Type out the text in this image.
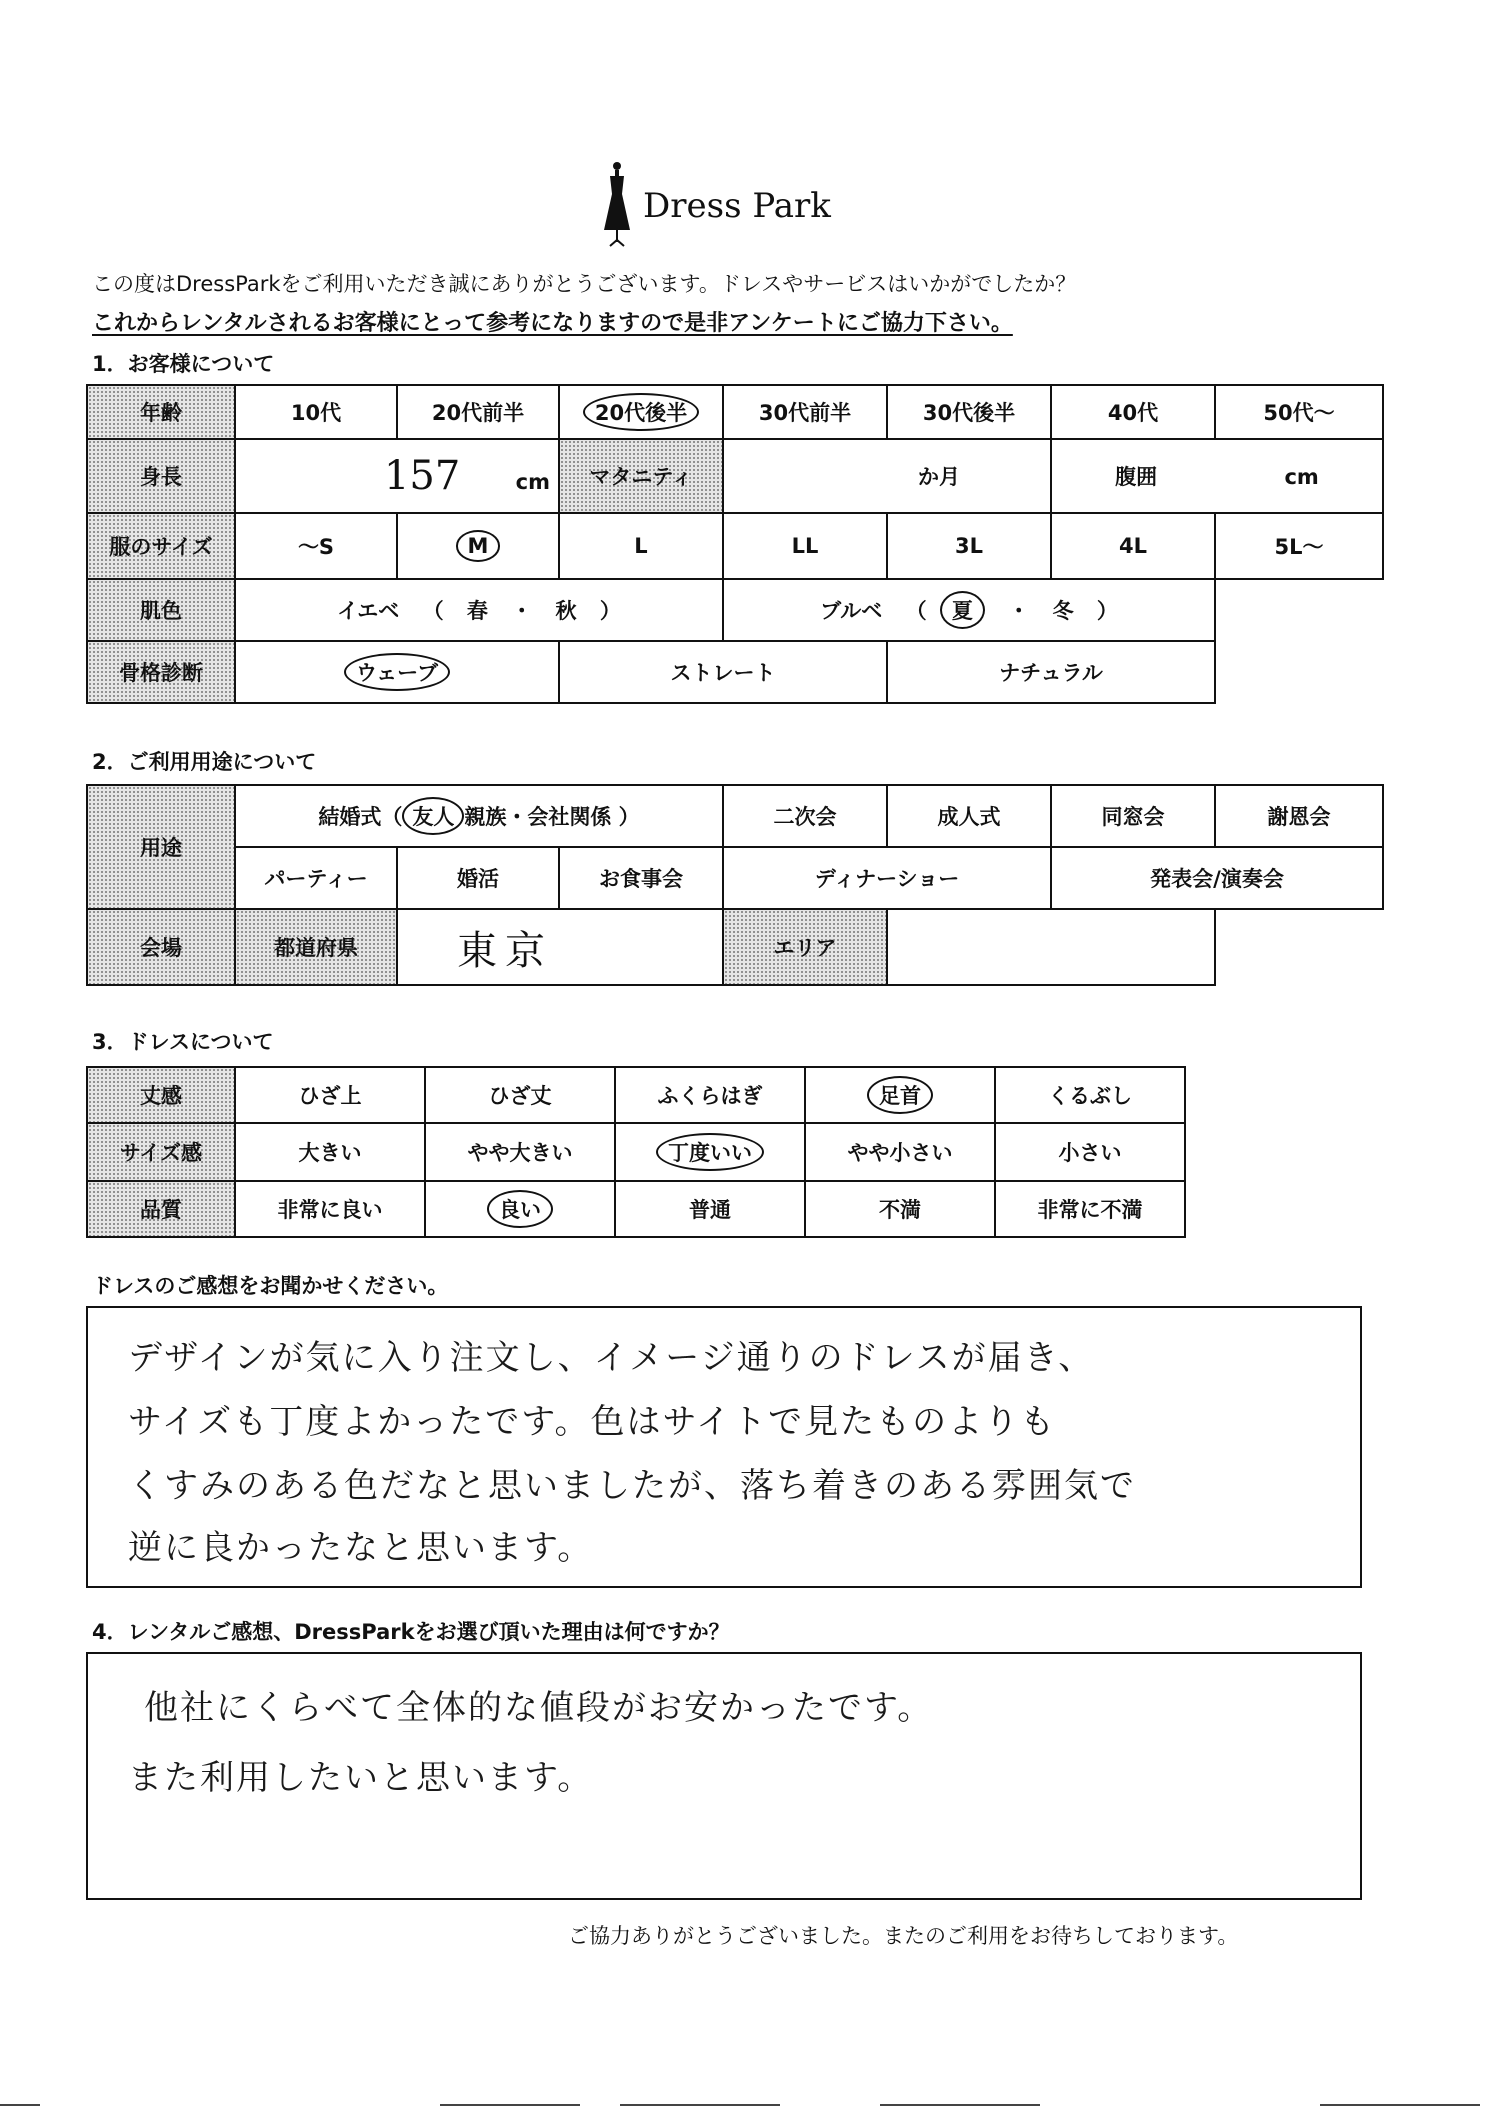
Dress Park
この度はDressParkをご利用いただき誠にありがとうございます。ドレスやサービスはいかがでしたか？
これからレンタルされるお客様にとって参考になりますので是非アンケートにご協力下さい。
1．お客様について
年齢	10代	20代前半	20代後半	30代前半	30代後半	40代	50代〜
身長	157 cm		マタニティ	か月		腹囲 cm	
服のサイズ	〜S	M	L	LL	3L	4L	5L〜
肌色	イエベ （ 春 ・ 秋 ）			ブルベ （ 夏 ・ 冬 ）			
骨格診断	ウェーブ		ストレート		ナチュラル		
2．ご利用用途について
用途	結婚式（ 友人 親族・会社関係 ）			二次会	成人式	同窓会	謝恩会
	パーティー	婚活	お食事会	ディナーショー		発表会/演奏会	
会場	都道府県	東京		エリア			
3．ドレスについて
丈感	ひざ上	ひざ丈	ふくらはぎ	足首	くるぶし
サイズ感	大きい	やや大きい	丁度いい	やや小さい	小さい
品質	非常に良い	良い	普通	不満	非常に不満
ドレスのご感想をお聞かせください。
デザインが気に入り注文し、イメージ通りのドレスが届き、
サイズも丁度よかったです。色はサイトで見たものよりも
くすみのある色だなと思いましたが、落ち着きのある雰囲気で
逆に良かったなと思います。
4．レンタルご感想、DressParkをお選び頂いた理由は何ですか？
他社にくらべて全体的な値段がお安かったです。
また利用したいと思います。
ご協力ありがとうございました。またのご利用をお待ちしております。
